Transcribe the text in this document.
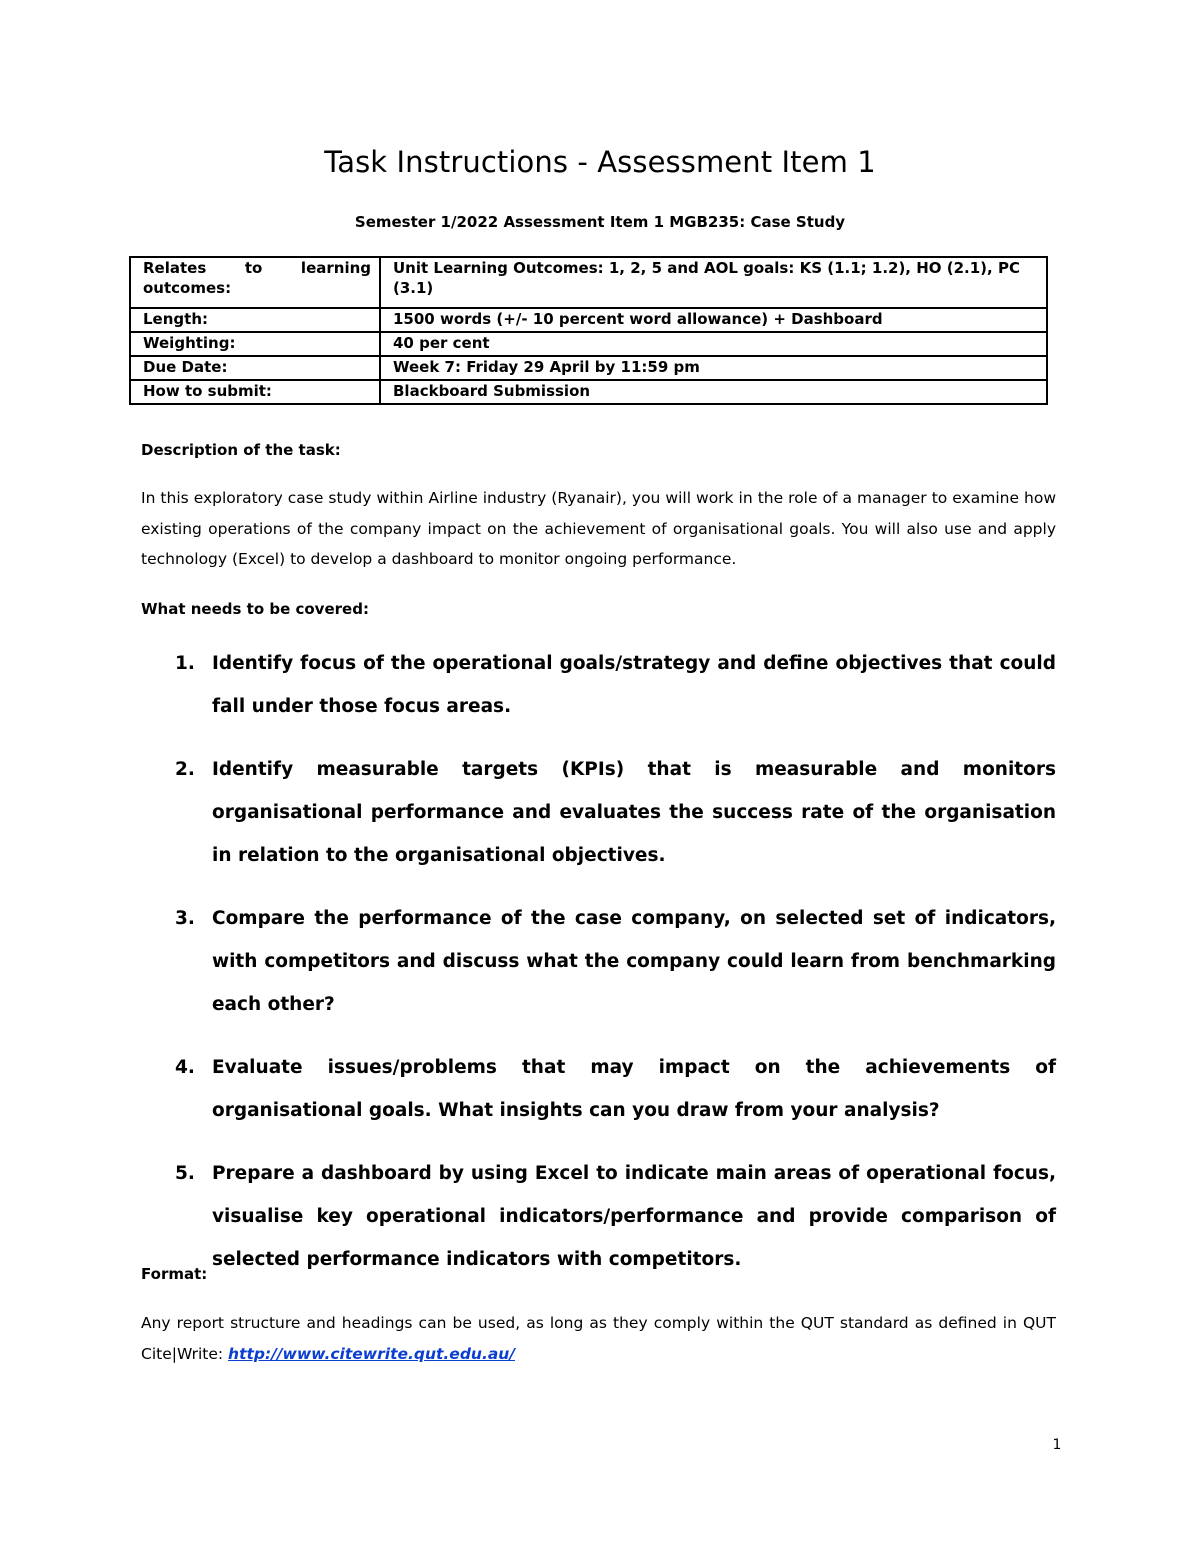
Task Instructions - Assessment Item 1
Semester 1/2022 Assessment Item 1 MGB235: Case Study
Relates to learning
outcomes:	Unit Learning Outcomes: 1, 2, 5 and AOL goals: KS (1.1; 1.2), HO (2.1), PC (3.1)
Length:	1500 words (+/- 10 percent word allowance) + Dashboard
Weighting:	40 per cent
Due Date:	Week 7: Friday 29 April by 11:59 pm
How to submit:	Blackboard Submission
Description of the task:
In this exploratory case study within Airline industry (Ryanair), you will work in the role of a manager to examine how existing operations of the company impact on the achievement of organisational goals. You will also use and apply technology (Excel) to develop a dashboard to monitor ongoing performance.
What needs to be covered:
1. Identify focus of the operational goals/strategy and define objectives that could fall under those focus areas.
2. Identify measurable targets (KPIs) that is measurable and monitors organisational performance and evaluates the success rate of the organisation in relation to the organisational objectives.
3. Compare the performance of the case company, on selected set of indicators, with competitors and discuss what the company could learn from benchmarking each other?
4. Evaluate issues/problems that may impact on the achievements of organisational goals. What insights can you draw from your analysis?
5. Prepare a dashboard by using Excel to indicate main areas of operational focus, visualise key operational indicators/performance and provide comparison of selected performance indicators with competitors.
Format:
Any report structure and headings can be used, as long as they comply within the QUT standard as defined in QUT Cite|Write: http://www.citewrite.qut.edu.au/
1
